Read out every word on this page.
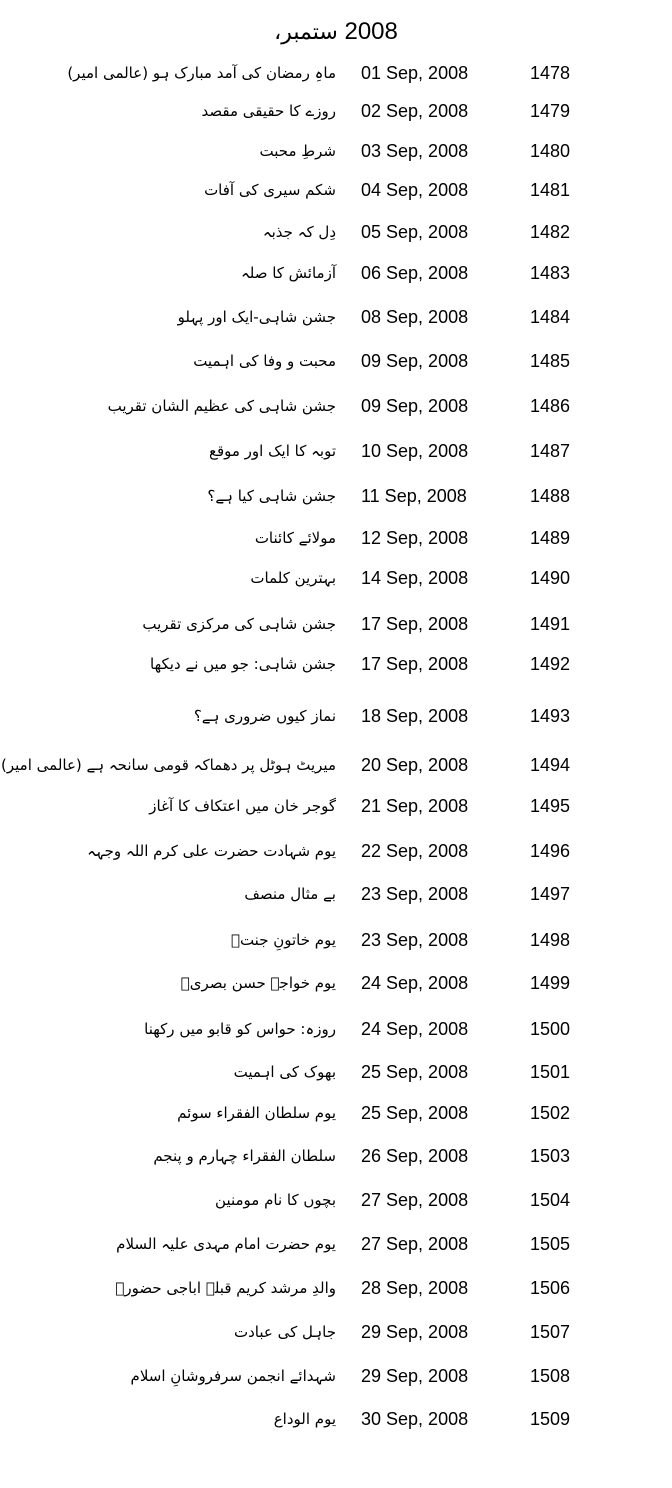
ستمبر، 2008
ماہِ رمضان کی آمد مبارک ہو (عالمی امیر) 01 Sep, 2008	1478
روزے کا حقیقی مقصد 02 Sep, 2008	1479
شرطِ محبت 03 Sep, 2008	1480
شکم سیری کی آفات 04 Sep, 2008	1481
دِل کہ جذبہ 05 Sep, 2008	1482
آزمائش کا صلہ 06 Sep, 2008	1483
جشن شاہی-ایک اور پہلو 08 Sep, 2008	1484
محبت و وفا کی اہمیت 09 Sep, 2008	1485
جشن شاہی کی عظیم الشان تقریب 09 Sep, 2008	1486
توبہ کا ایک اور موقع 10 Sep, 2008	1487
جشن شاہی کیا ہے؟ 11 Sep, 2008	1488
مولائے کائنات 12 Sep, 2008	1489
بہترین کلمات 14 Sep, 2008	1490
جشن شاہی کی مرکزی تقریب 17 Sep, 2008	1491
جشن شاہی: جو میں نے دیکھا 17 Sep, 2008	1492
نماز کیوں ضروری ہے؟ 18 Sep, 2008	1493
میریٹ ہوٹل پر دھماکہ قومی سانحہ ہے (عالمی امیر) 20 Sep, 2008	1494
گوجر خان میں اعتکاف کا آغاز 21 Sep, 2008	1495
یوم شہادت حضرت علی کرم اللہ وجہہ 22 Sep, 2008	1496
بے مثال منصف 23 Sep, 2008	1497
یوم خاتونِ جنتؓ 23 Sep, 2008	1498
یوم خواجہ حسن بصریؒ 24 Sep, 2008	1499
روزہ: حواس کو قابو میں رکھنا 24 Sep, 2008	1500
بھوک کی اہمیت 25 Sep, 2008	1501
یوم سلطان الفقراء سوئم 25 Sep, 2008	1502
سلطان الفقراء چہارم و پنجم 26 Sep, 2008	1503
بچوں کا نام مومنین 27 Sep, 2008	1504
یوم حضرت امام مہدی علیہ السلام 27 Sep, 2008	1505
والدِ مرشد کریم قبلہ اباجی حضورؒ 28 Sep, 2008	1506
جاہل کی عبادت 29 Sep, 2008	1507
شہدائے انجمن سرفروشانِ اسلام 29 Sep, 2008	1508
یوم الوداع 30 Sep, 2008	1509
